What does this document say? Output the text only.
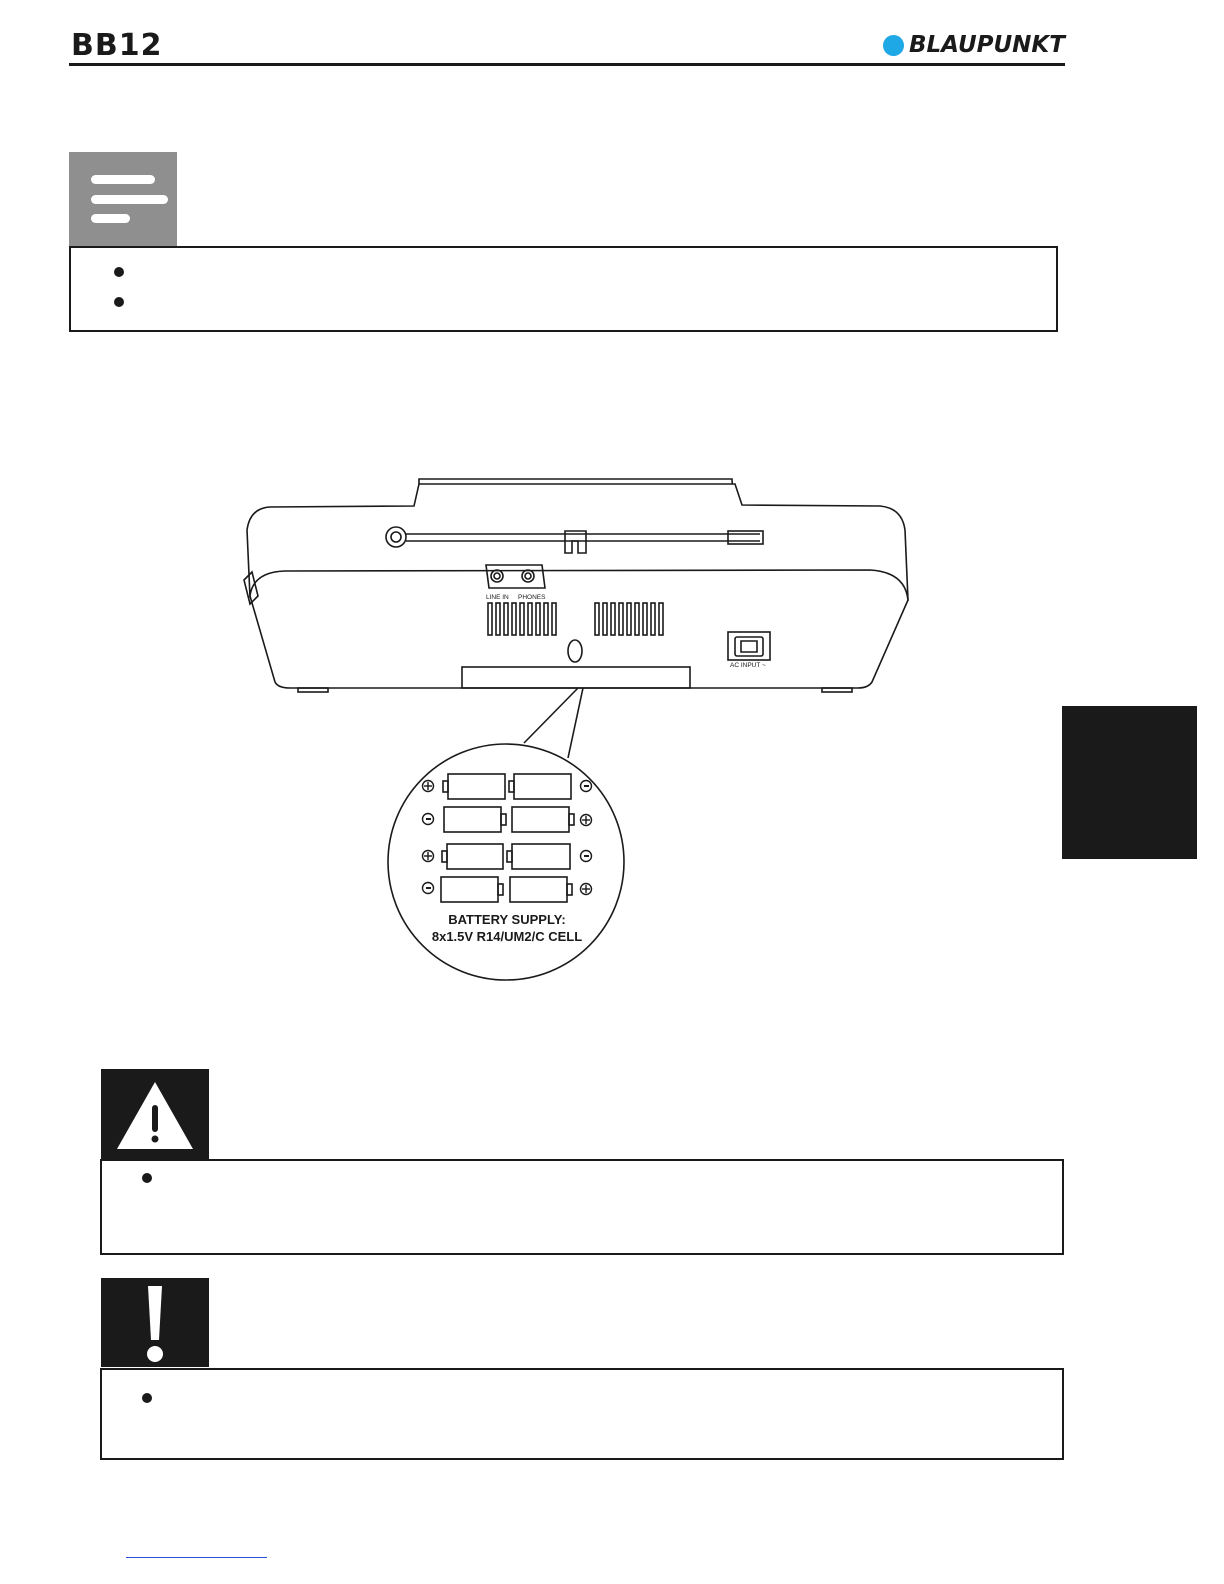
BB12	BLAUPUNKT
LINE IN PHONES
AC INPUT ~
BATTERY SUPPLY:
8x1.5V R14/UM2/C CELL
